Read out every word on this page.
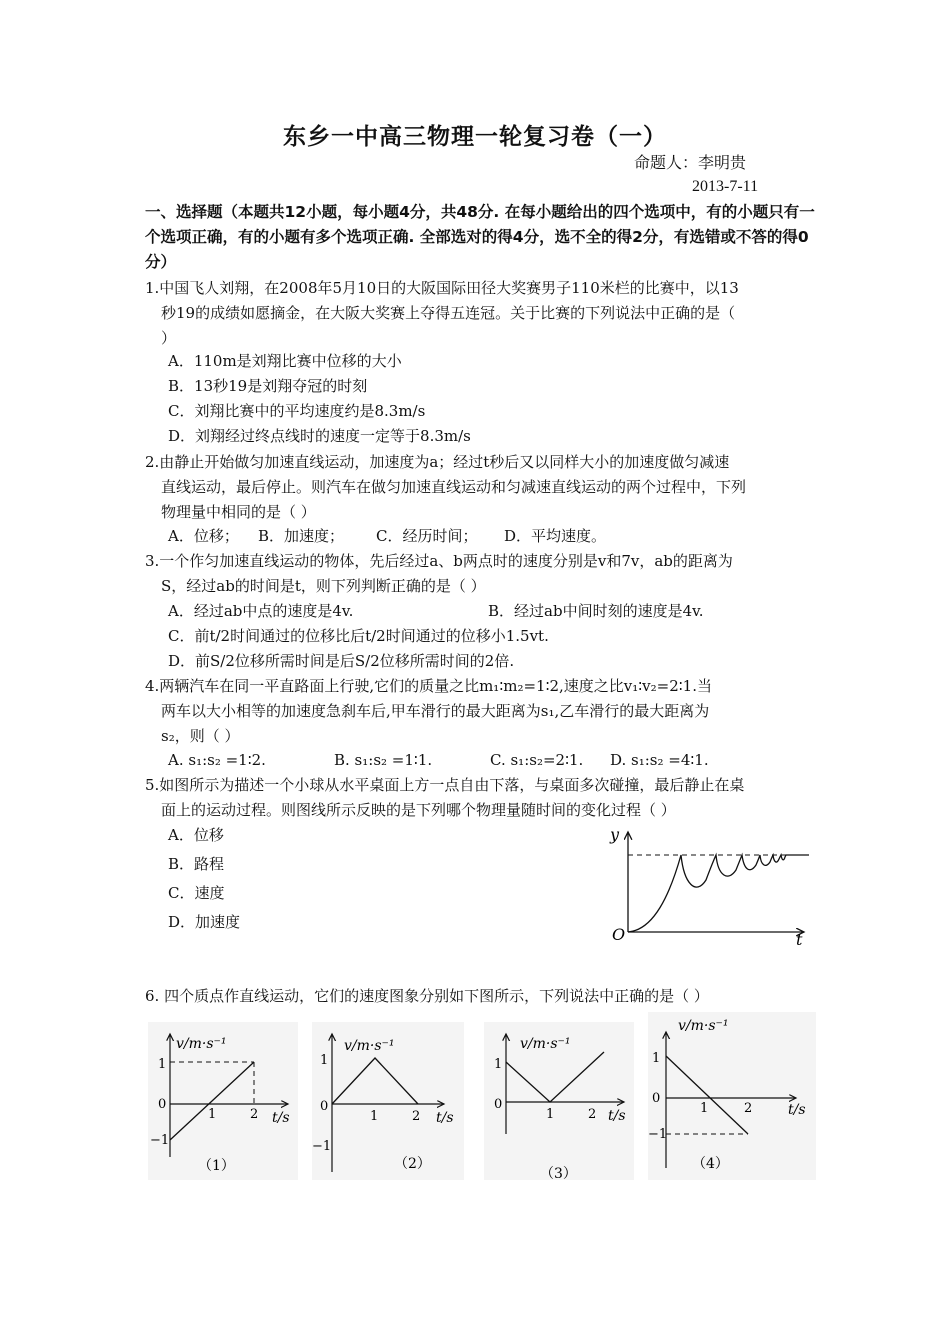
东乡一中高三物理一轮复习卷（一）
命题人：李明贵
2013-7-11
一、选择题（本题共12小题，每小题4分，共48分. 在每小题给出的四个选项中，有的小题只有一个选项正确，有的小题有多个选项正确. 全部选对的得4分，选不全的得2分，有选错或不答的得0分）
1.中国飞人刘翔，在2008年5月10日的大阪国际田径大奖赛男子110米栏的比赛中，以13
秒19的成绩如愿摘金，在大阪大奖赛上夺得五连冠。关于比赛的下列说法中正确的是（
）
A．110m是刘翔比赛中位移的大小
B．13秒19是刘翔夺冠的时刻
C．刘翔比赛中的平均速度约是8.3m/s
D．刘翔经过终点线时的速度一定等于8.3m/s
2.由静止开始做匀加速直线运动，加速度为a；经过t秒后又以同样大小的加速度做匀减速
直线运动，最后停止。则汽车在做匀加速直线运动和匀减速直线运动的两个过程中，下列
物理量中相同的是（ ）
A．位移； B．加速度； C．经历时间； D．平均速度。
3.一个作匀加速直线运动的物体，先后经过a、b两点时的速度分别是v和7v，ab的距离为
S，经过ab的时间是t，则下列判断正确的是（ ）
A．经过ab中点的速度是4v.	B．经过ab中间时刻的速度是4v.
C．前t/2时间通过的位移比后t/2时间通过的位移小1.5vt.
D．前S/2位移所需时间是后S/2位移所需时间的2倍.
4.两辆汽车在同一平直路面上行驶,它们的质量之比m₁∶m₂=1∶2,速度之比v₁∶v₂=2∶1.当
两车以大小相等的加速度急刹车后,甲车滑行的最大距离为s₁,乙车滑行的最大距离为
s₂，则（ ）
A. s₁:s₂ =1∶2.	B. s₁:s₂ =1∶1.	C. s₁:s₂=2∶1. D. s₁:s₂ =4∶1.
5.如图所示为描述一个小球从水平桌面上方一点自由下落，与桌面多次碰撞，最后静止在桌
面上的运动过程。则图线所示反映的是下列哪个物理量随时间的变化过程（ ）
A．位移
B．路程
C．速度
D．加速度
y
O	t
6. 四个质点作直线运动，它们的速度图象分别如下图所示，下列说法中正确的是（ ）
v/m·s⁻¹
1
0
−1
1	2 t/s
（1）
v/m·s⁻¹
1
0
−1
1	2 t/s
（2）
v/m·s⁻¹
1
0
1	2 t/s
（3）
v/m·s⁻¹
1
0
−1
1	2	t/s
（4）
